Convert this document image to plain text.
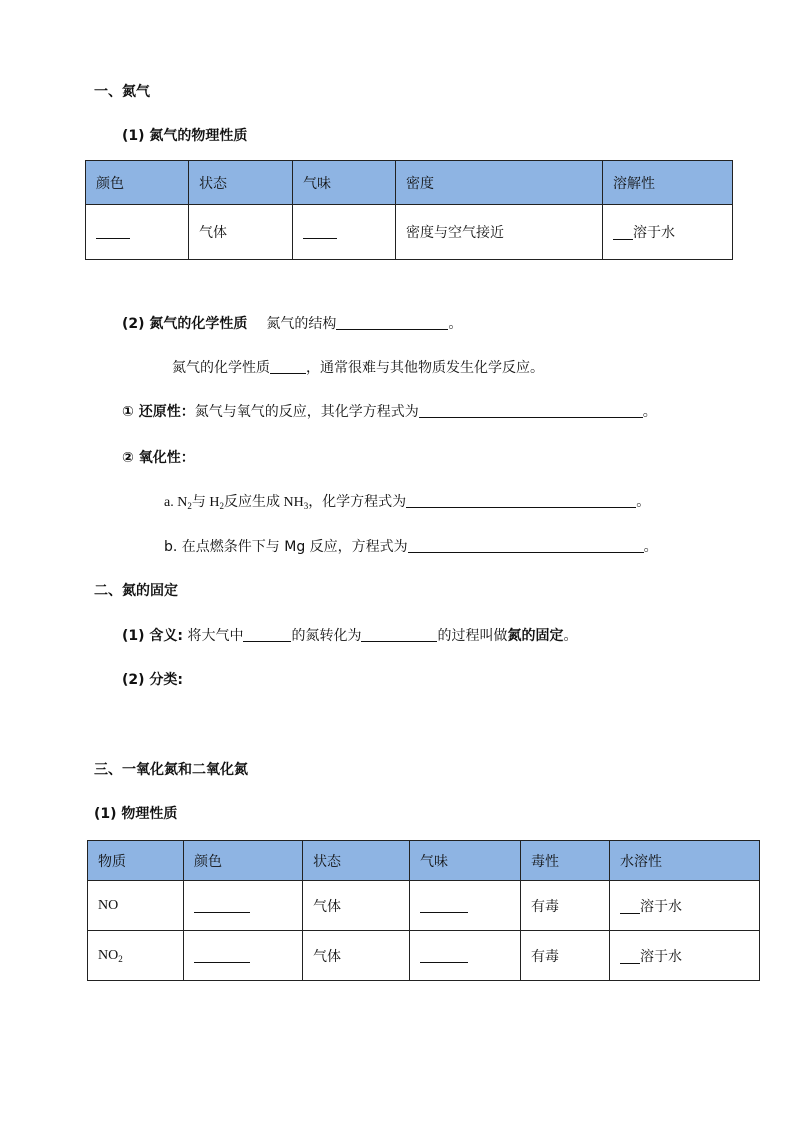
一、氮气
(1) 氮气的物理性质
颜色	状态	气味	密度	溶解性
	气体		密度与空气接近	溶于水
(2) 氮气的化学性质 氮气的结构	。
氮气的化学性质	，通常很难与其他物质发生化学反应。
① 还原性：氮气与氧气的反应，其化学方程式为	。
② 氧化性：
a. $N_2$与 $H_2$反应生成 $NH_3$，化学方程式为	。
b. 在点燃条件下与 Mg 反应，方程式为	。
二、氮的固定
(1) 含义: 将大气中	的氮转化为	的过程叫做氮的固定。
(2) 分类:
三、一氧化氮和二氧化氮
(1) 物理性质
物质	颜色	状态	气味	毒性	水溶性
NO		气体		有毒	溶于水
$NO_2$		气体		有毒	溶于水
